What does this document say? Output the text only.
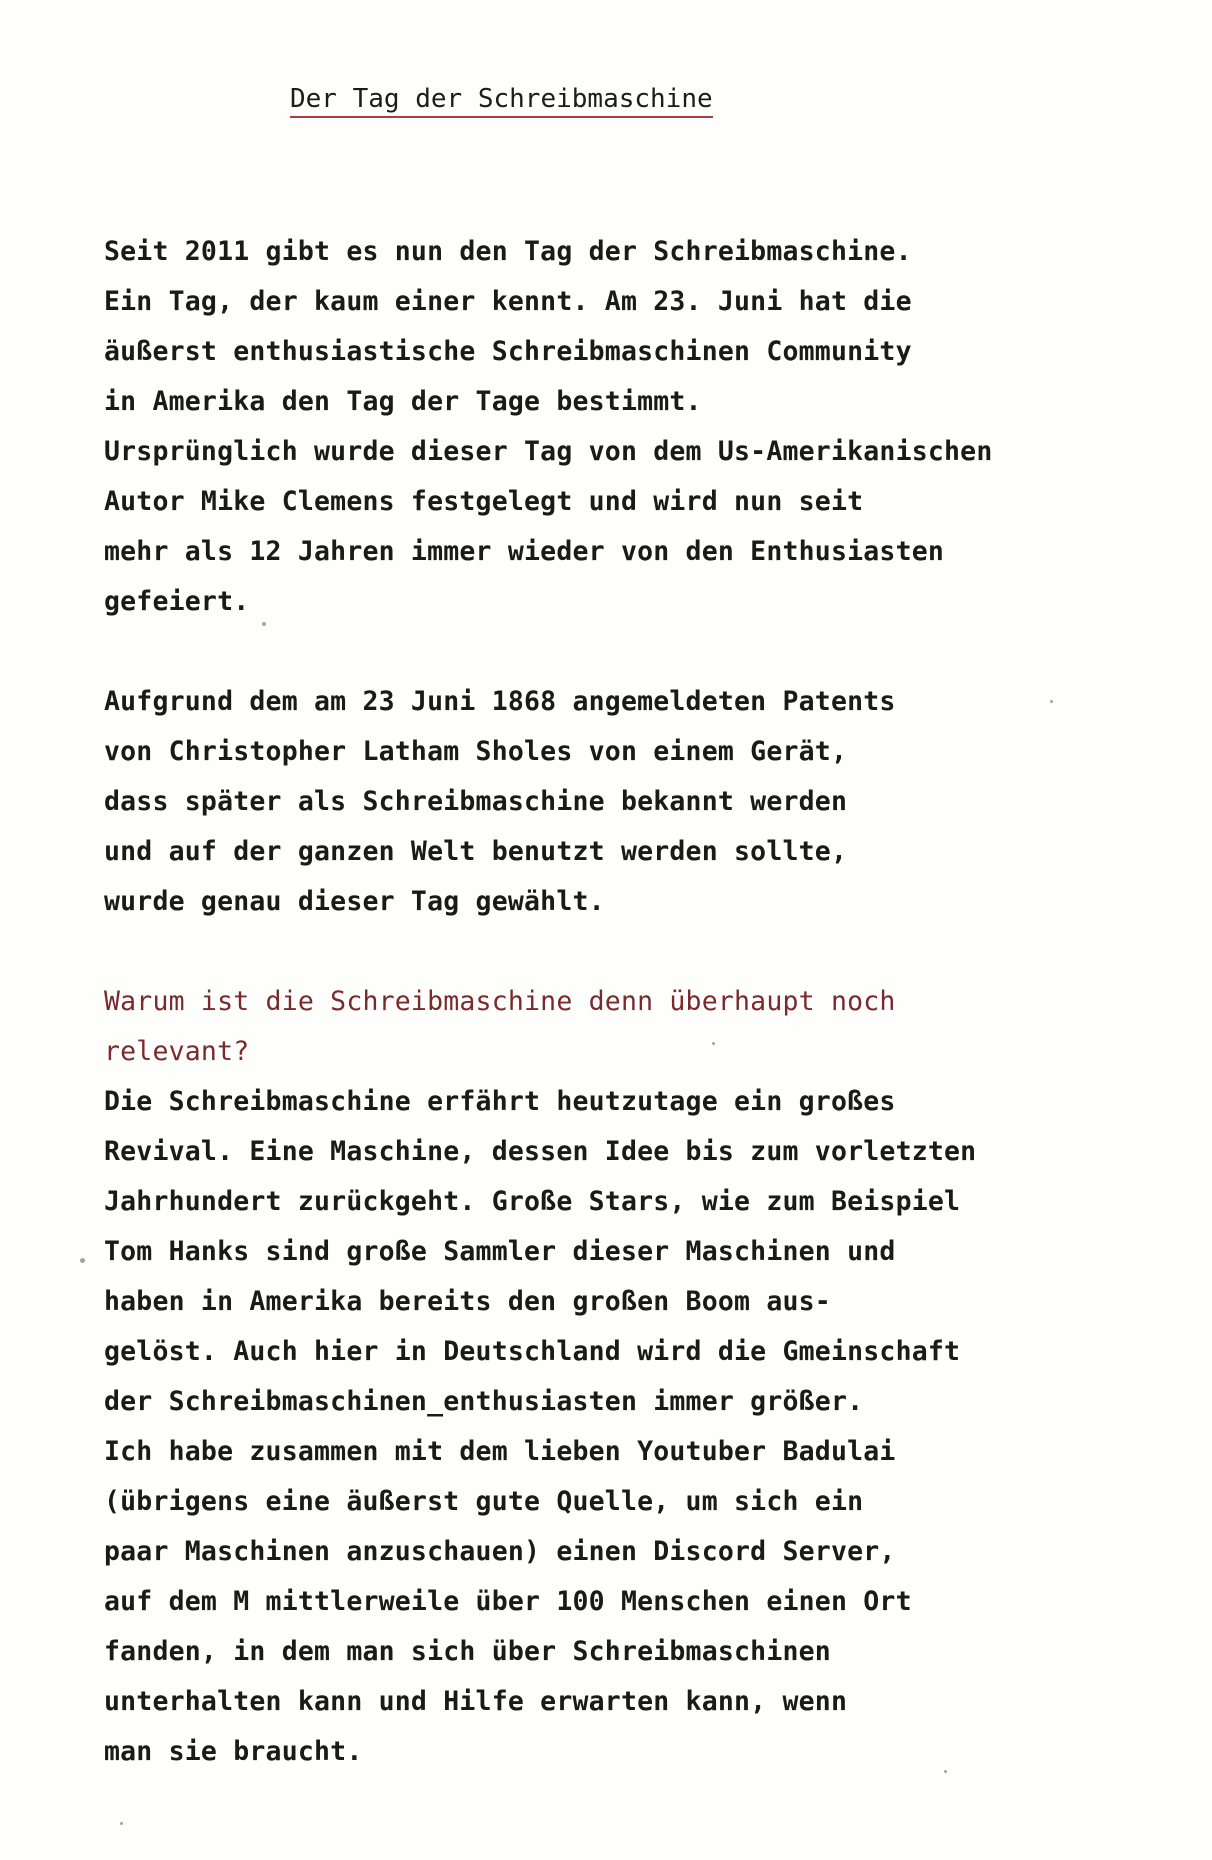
Der Tag der Schreibmaschine
Seit 2011 gibt es nun den Tag der Schreibmaschine.
Ein Tag, der kaum einer kennt. Am 23. Juni hat die
äußerst enthusiastische Schreibmaschinen Community
in Amerika den Tag der Tage bestimmt.
Ursprünglich wurde dieser Tag von dem Us-Amerikanischen
Autor Mike Clemens festgelegt und wird nun seit
mehr als 12 Jahren immer wieder von den Enthusiasten
gefeiert.
Aufgrund dem am 23 Juni 1868 angemeldeten Patents
von Christopher Latham Sholes von einem Gerät,
dass später als Schreibmaschine bekannt werden
und auf der ganzen Welt benutzt werden sollte,
wurde genau dieser Tag gewählt.
Warum ist die Schreibmaschine denn überhaupt noch
relevant?
Die Schreibmaschine erfährt heutzutage ein großes
Revival. Eine Maschine, dessen Idee bis zum vorletzten
Jahrhundert zurückgeht. Große Stars, wie zum Beispiel
Tom Hanks sind große Sammler dieser Maschinen und
haben in Amerika bereits den großen Boom aus-
gelöst. Auch hier in Deutschland wird die Gmeinschaft
der Schreibmaschinen_enthusiasten immer größer.
Ich habe zusammen mit dem lieben Youtuber Badulai
(übrigens eine äußerst gute Quelle, um sich ein
paar Maschinen anzuschauen) einen Discord Server,
auf dem M mittlerweile über 100 Menschen einen Ort
fanden, in dem man sich über Schreibmaschinen
unterhalten kann und Hilfe erwarten kann, wenn
man sie braucht.
